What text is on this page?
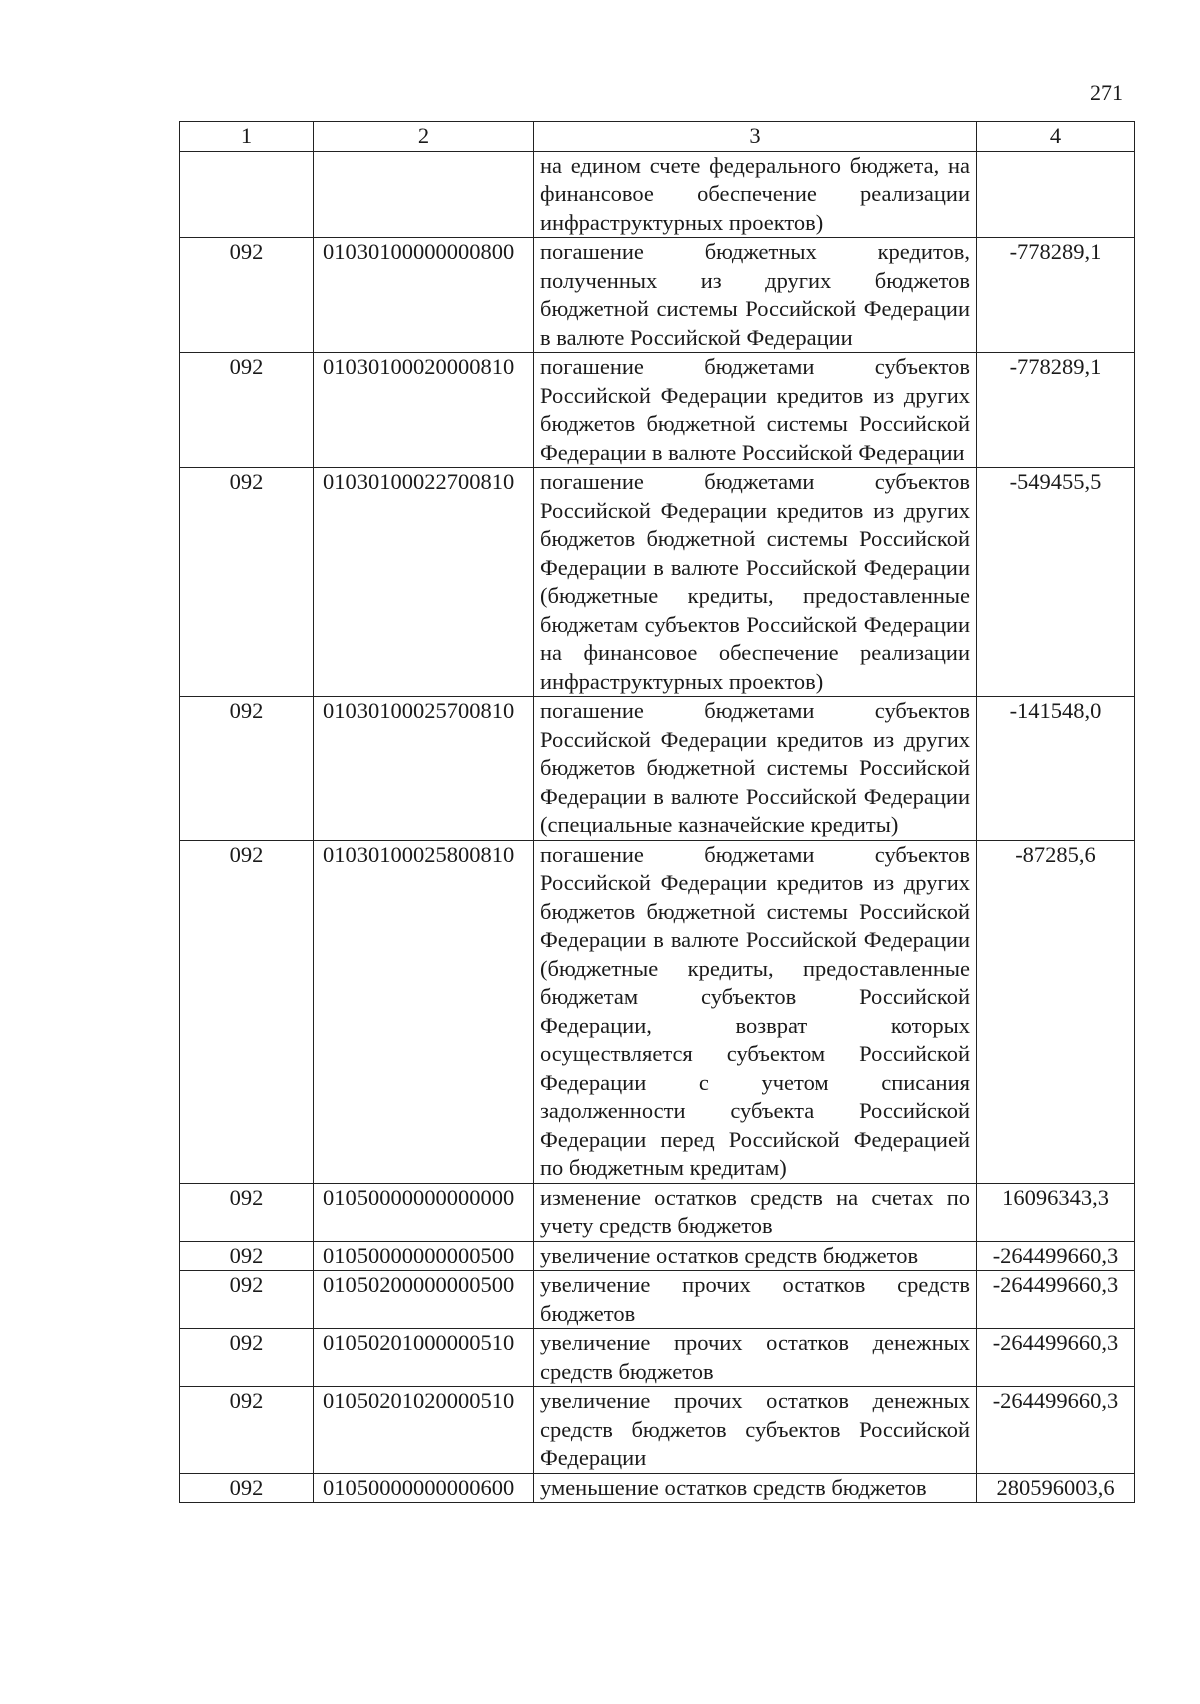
271
1	2	3	4
		на едином счете федерального бюджета, на финансовое обеспечение реализации инфраструктурных проектов)	
092	01030100000000800	погашение бюджетных кредитов, полученных из других бюджетов бюджетной системы Российской Федерации в валюте Российской Федерации	-778289,1
092	01030100020000810	погашение бюджетами субъектов Российской Федерации кредитов из других бюджетов бюджетной системы Российской Федерации в валюте Российской Федерации	-778289,1
092	01030100022700810	погашение бюджетами субъектов Российской Федерации кредитов из других бюджетов бюджетной системы Российской Федерации в валюте Российской Федерации (бюджетные кредиты, предоставленные бюджетам субъектов Российской Федерации на финансовое обеспечение реализации инфраструктурных проектов)	-549455,5
092	01030100025700810	погашение бюджетами субъектов Российской Федерации кредитов из других бюджетов бюджетной системы Российской Федерации в валюте Российской Федерации (специальные казначейские кредиты)	-141548,0
092	01030100025800810	погашение бюджетами субъектов Российской Федерации кредитов из других бюджетов бюджетной системы Российской Федерации в валюте Российской Федерации (бюджетные кредиты, предоставленные бюджетам субъектов Российской Федерации, возврат которых осуществляется субъектом Российской Федерации с учетом списания задолженности субъекта Российской Федерации перед Российской Федерацией по бюджетным кредитам)	-87285,6
092	01050000000000000	изменение остатков средств на счетах по учету средств бюджетов	16096343,3
092	01050000000000500	увеличение остатков средств бюджетов	-264499660,3
092	01050200000000500	увеличение прочих остатков средств бюджетов	-264499660,3
092	01050201000000510	увеличение прочих остатков денежных средств бюджетов	-264499660,3
092	01050201020000510	увеличение прочих остатков денежных средств бюджетов субъектов Российской Федерации	-264499660,3
092	01050000000000600	уменьшение остатков средств бюджетов	280596003,6
